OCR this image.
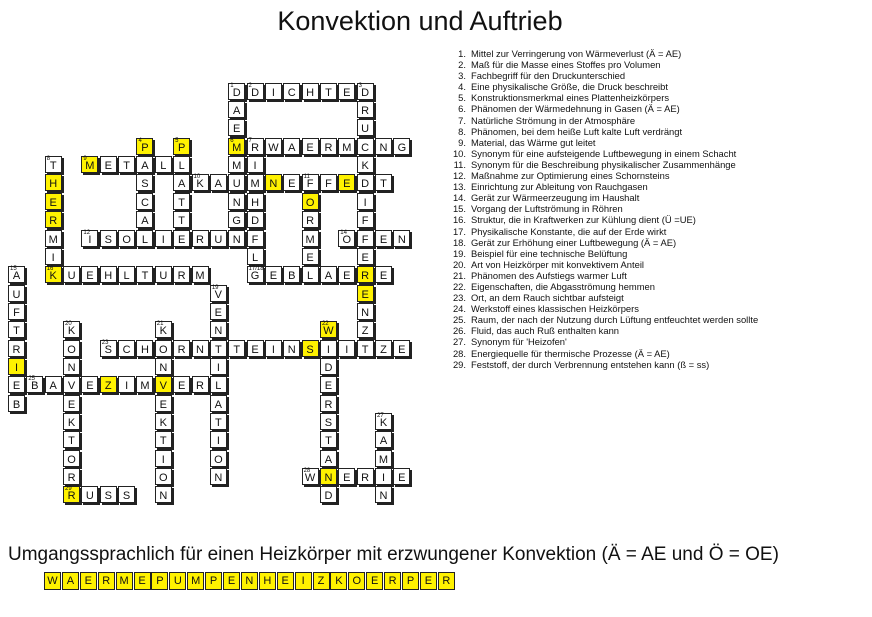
Konvektion und Auftrieb
1
D
A
E
6
M
M
U
N
G
2
D	I	C H	T	E
3
D
R
U
C
K
D
I
F
F
E
R
E
N
Z
4
P
A
S
C
A
L
5
P
L
A
T
T
7
R W A	E R M	N G
I
M
H
D
F
L
8
T
H
E
R
M
I
16
K
9
M E	T	L
10
K	A	N E
11
F	F	E	T
O
R
M
E
L
12
I	S O	I	E R U N
14
O	E N
15
A
U
F
T
R
I
E
B
U E H	L	T	U R M
17/18
G E	B	A	E	E
19
V
E
N
T
I
L
A
T
I
O
N
20
K
O
N
V
E
K
T
O
R
21
K
O
N
V
E
K
T
I
O
N
22
W
I
D
E
R
S
T
A
N
D
23
S C H	R N	T	E	I	N S	I	T	Z	E
25
B	A	E	Z	I	M	E R
27
K
A
M
I
N
28
W	E R	E
29
R U S	S
1. Mittel zur Verringerung von Wärmeverlust (Ä = AE)
2. Maß für die Masse eines Stoffes pro Volumen
3. Fachbegriff für den Druckunterschied
4. Eine physikalische Größe, die Druck beschreibt
5. Konstruktionsmerkmal eines Plattenheizkörpers
6. Phänomen der Wärmedehnung in Gasen (Ä = AE)
7. Natürliche Strömung in der Atmosphäre
8. Phänomen, bei dem heiße Luft kalte Luft verdrängt
9. Material, das Wärme gut leitet
10. Synonym für eine aufsteigende Luftbewegung in einem Schacht
11. Synonym für die Beschreibung physikalischer Zusammenhänge
12. Maßnahme zur Optimierung eines Schornsteins
13. Einrichtung zur Ableitung von Rauchgasen
14. Gerät zur Wärmeerzeugung im Haushalt
15. Vorgang der Luftströmung in Röhren
16. Struktur, die in Kraftwerken zur Kühlung dient (Ü =UE)
17. Physikalische Konstante, die auf der Erde wirkt
18. Gerät zur Erhöhung einer Luftbewegung (Ä = AE)
19. Beispiel für eine technische Belüftung
20. Art von Heizkörper mit konvektivem Anteil
21. Phänomen des Aufstiegs warmer Luft
22. Eigenschaften, die Abgasströmung hemmen
23. Ort, an dem Rauch sichtbar aufsteigt
24. Werkstoff eines klassischen Heizkörpers
25. Raum, der nach der Nutzung durch Lüftung entfeuchtet werden sollte
26. Fluid, das auch Ruß enthalten kann
27. Synonym für 'Heizofen'
28. Energiequelle für thermische Prozesse (Ä = AE)
29. Feststoff, der durch Verbrennung entstehen kann (ß = ss)
Umgangssprachlich für einen Heizkörper mit erzwungener Konvektion (Ä = AE und Ö = OE)
W A E R M E P U M P E N H E	I	Z K O E R P E R
